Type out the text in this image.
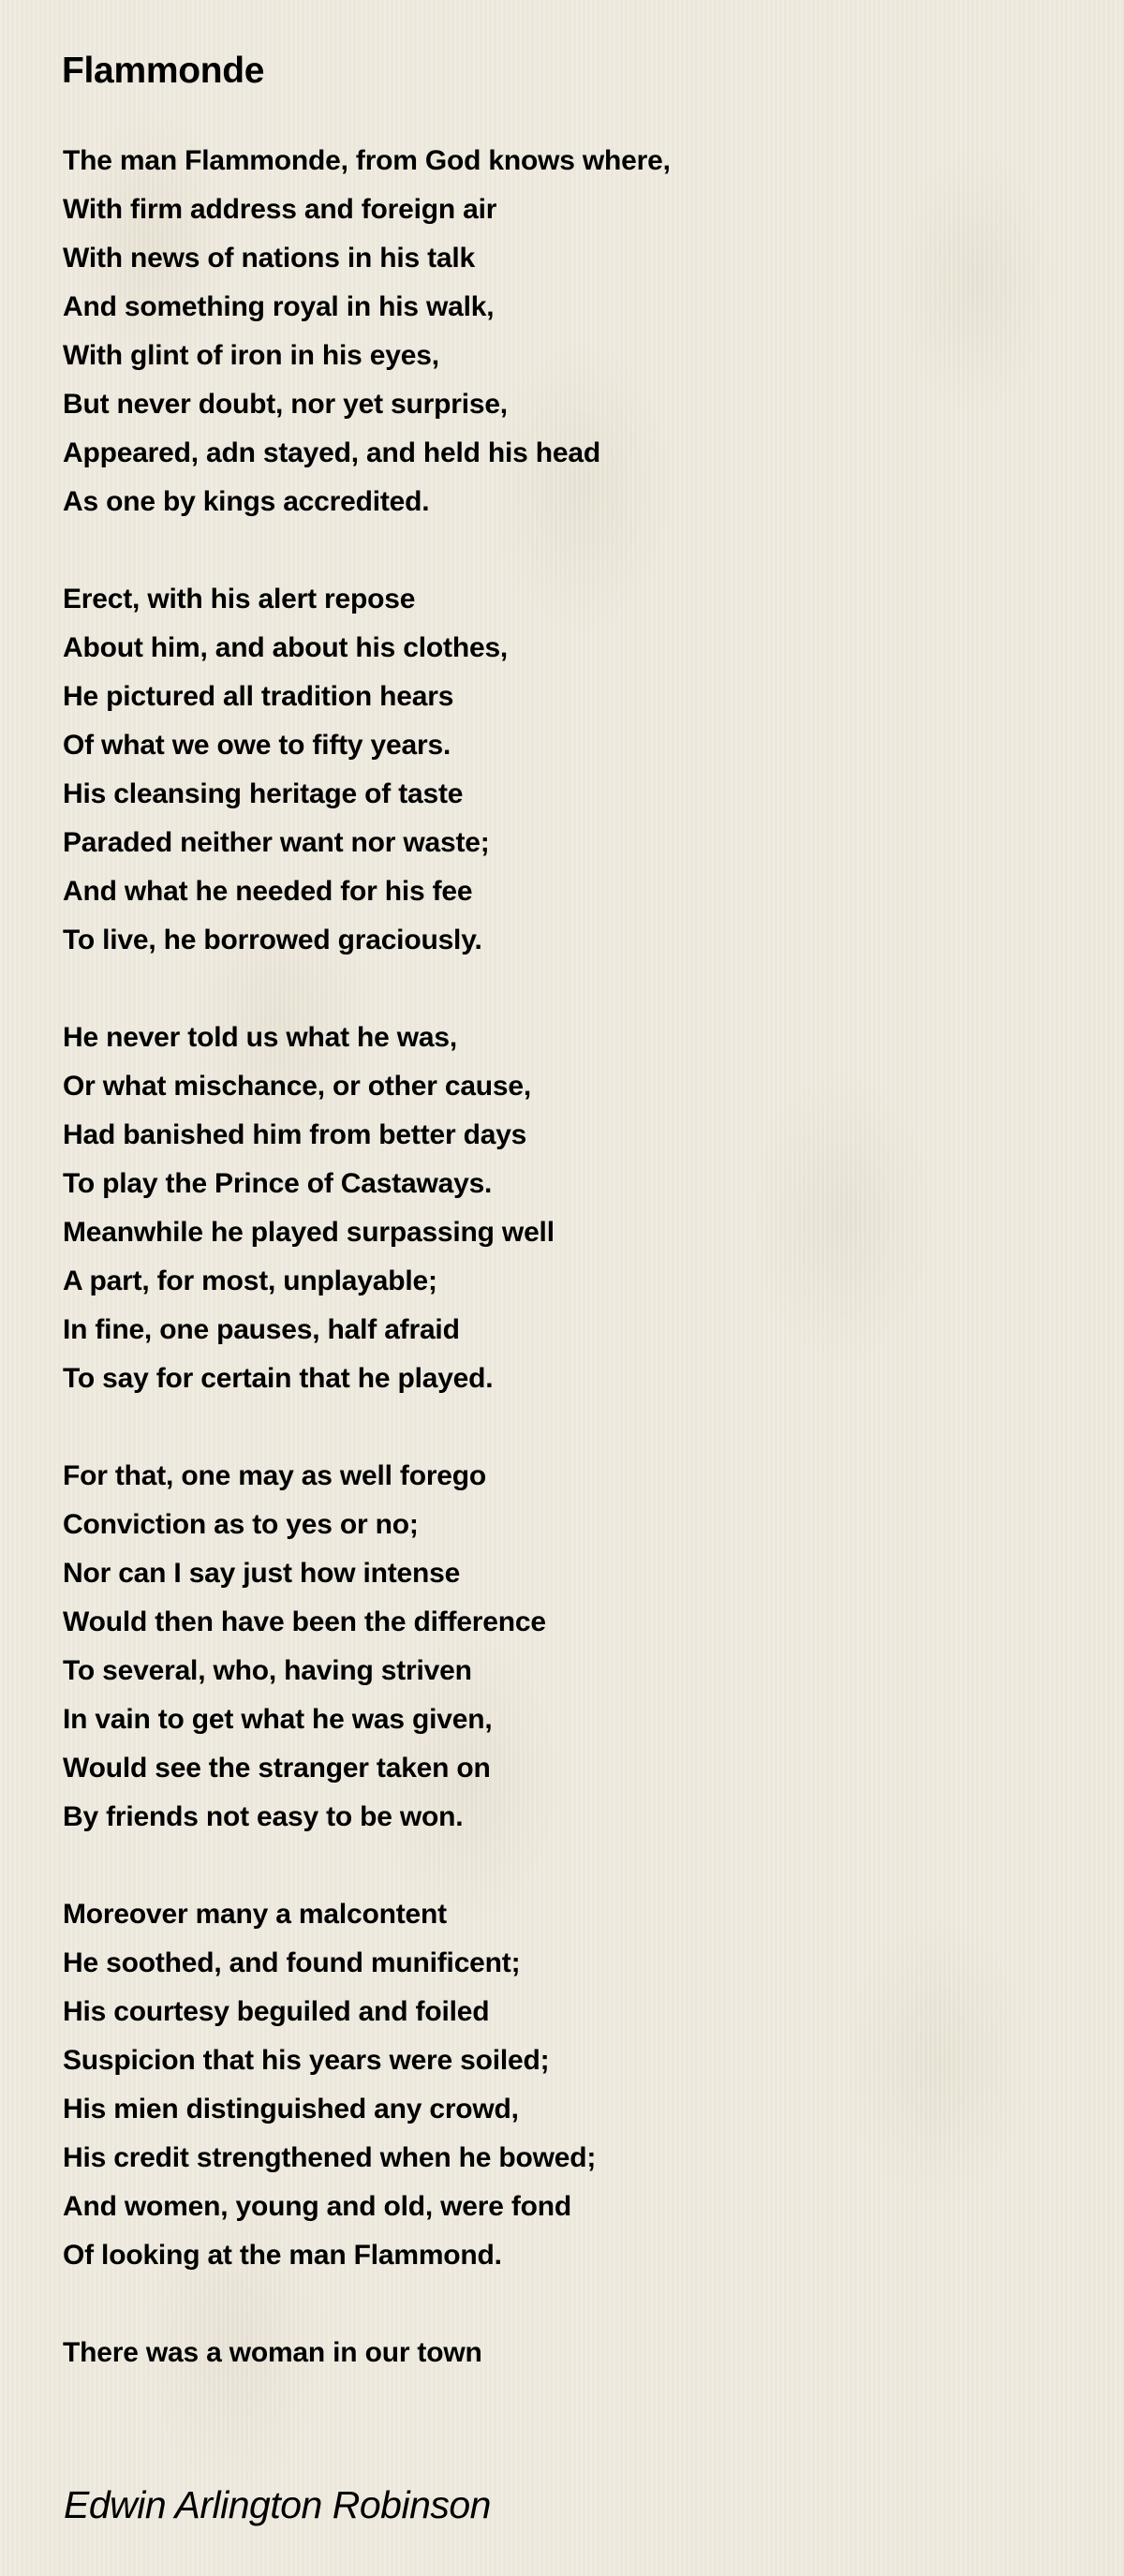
Flammonde
The man Flammonde, from God knows where,
With firm address and foreign air
With news of nations in his talk
And something royal in his walk,
With glint of iron in his eyes,
But never doubt, nor yet surprise,
Appeared, adn stayed, and held his head
As one by kings accredited.
Erect, with his alert repose
About him, and about his clothes,
He pictured all tradition hears
Of what we owe to fifty years.
His cleansing heritage of taste
Paraded neither want nor waste;
And what he needed for his fee
To live, he borrowed graciously.
He never told us what he was,
Or what mischance, or other cause,
Had banished him from better days
To play the Prince of Castaways.
Meanwhile he played surpassing well
A part, for most, unplayable;
In fine, one pauses, half afraid
To say for certain that he played.
For that, one may as well forego
Conviction as to yes or no;
Nor can I say just how intense
Would then have been the difference
To several, who, having striven
In vain to get what he was given,
Would see the stranger taken on
By friends not easy to be won.
Moreover many a malcontent
He soothed, and found munificent;
His courtesy beguiled and foiled
Suspicion that his years were soiled;
His mien distinguished any crowd,
His credit strengthened when he bowed;
And women, young and old, were fond
Of looking at the man Flammond.
There was a woman in our town

Edwin Arlington Robinson
